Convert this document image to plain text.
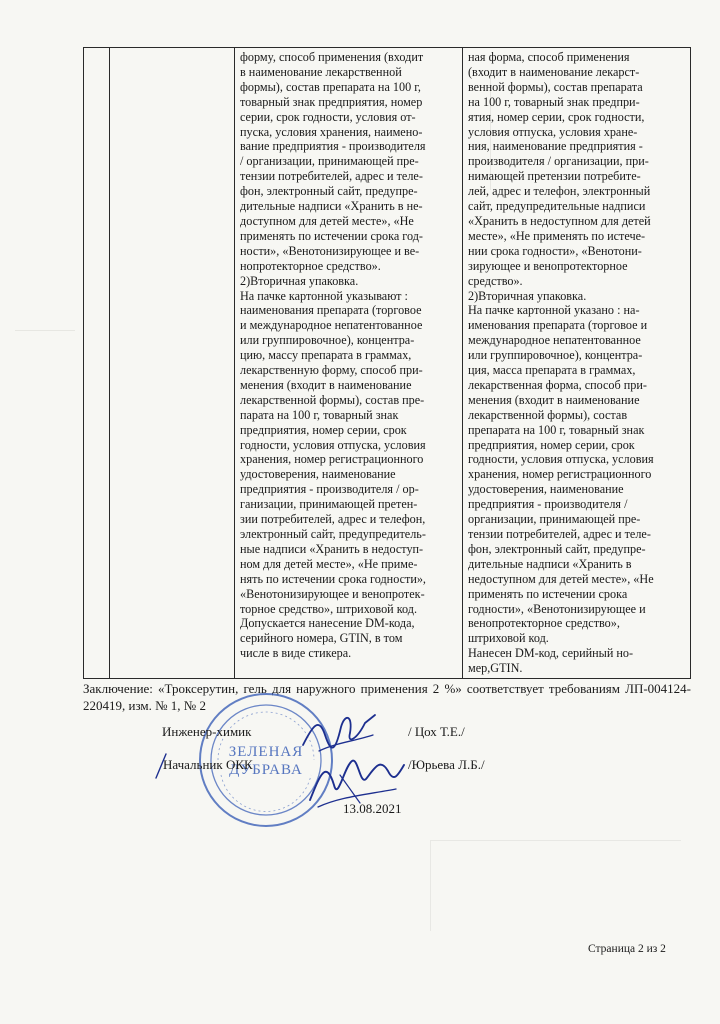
формy, способ применения (входит
в наименование лекарственной
формы), состав препарата на 100 г,
товарный знак предприятия, номер
серии, срок годности, условия от-
пуска, условия хранения, наимено-
вание предприятия - производителя
/ организации, принимающей пре-
тензии потребителей, адрес и теле-
фон, электронный сайт, предупре-
дительные надписи «Хранить в не-
доступном для детей месте», «Не
применять по истечении срока год-
ности», «Венотонизирующее и ве-
нопротекторное средство».
2)Вторичная упаковка.
На пачке картонной указывают :
наименования препарата (торговое
и международное непатентованное
или группировочное), концентра-
цию, массу препарата в граммах,
лекарственную форму, способ при-
менения (входит в наименование
лекарственной формы), состав пре-
парата на 100 г, товарный знак
предприятия, номер серии, срок
годности, условия отпуска, условия
хранения, номер регистрационного
удостоверения, наименование
предприятия - производителя / ор-
ганизации, принимающей претен-
зии потребителей, адрес и телефон,
электронный сайт, предупредитель-
ные надписи «Хранить в недоступ-
ном для детей месте», «Не приме-
нять по истечении срока годности»,
«Венотонизирующее и венопротек-
торное средство», штриховой код.
Допускается нанесение DM-кода,
серийного номера, GTIN, в том
числе в виде стикера.

ная форма, способ применения
(входит в наименование лекарст-
венной формы), состав препарата
на 100 г, товарный знак предпри-
ятия, номер серии, срок годности,
условия отпуска, условия хране-
ния, наименование предприятия -
производителя / организации, при-
нимающей претензии потребите-
лей, адрес и телефон, электронный
сайт, предупредительные надписи
«Хранить в недоступном для детей
месте», «Не применять по истече-
нии срока годности», «Венотони-
зирующее и венопротекторное
средство».
2)Вторичная упаковка.
На пачке картонной указано : на-
именования препарата (торговое и
международное непатентованное
или группировочное), концентра-
ция, масса препарата в граммах,
лекарственная форма, способ при-
менения (входит в наименование
лекарственной формы), состав
препарата на 100 г, товарный знак
предприятия, номер серии, срок
годности, условия отпуска, условия
хранения, номер регистрационного
удостоверения, наименование
предприятия - производителя /
организации, принимающей пре-
тензии потребителей, адрес и теле-
фон, электронный сайт, предупре-
дительные надписи «Хранить в
недоступном для детей месте», «Не
применять по истечении срока
годности», «Венотонизирующее и
венопротекторное средство»,
штриховой код.
Нанесен DM-код, серийный но-
мер,GTIN.
Заключение: «Троксерутин, гель для наружного применения 2 %» соответствует требованиям ЛП-004124-220419, изм. № 1, № 2
ЗЕЛЕНАЯ
ДУБРАВА
Инженер-химик	/ Цох Т.Е./
Начальник ОКК	/Юрьева Л.Б./
13.08.2021
Страница 2 из 2
